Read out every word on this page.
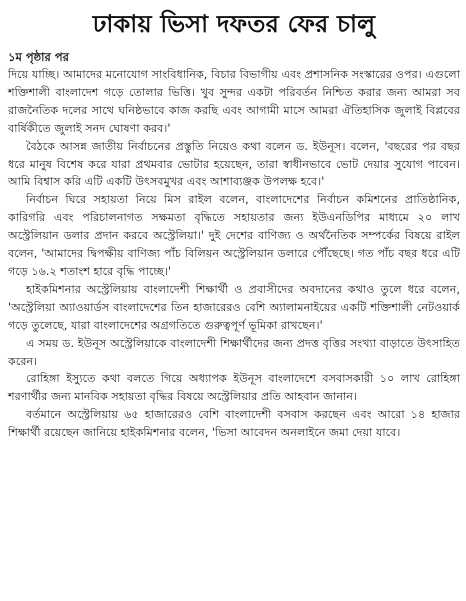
ঢাকায় ভিসা দফতর ফের চালু
১ম পৃষ্ঠার পর

দিয়ে যাচ্ছি। আমাদের মনোযোগ সাংবিধানিক, বিচার বিভাগীয় এবং প্রশাসনিক সংস্কারের ওপর। এগুলো শক্তিশালী বাংলাদেশ গড়ে তোলার ভিত্তি। খুব সুন্দর একটা পরিবর্তন নিশ্চিত করার জন্য আমরা সব রাজনৈতিক দলের সাথে ঘনিষ্ঠভাবে কাজ করছি এবং আগামী মাসে আমরা ঐতিহাসিক জুলাই বিপ্লবের বার্ষিকীতে জুলাই সনদ ঘোষণা করব।'

বৈঠকে আসন্ন জাতীয় নির্বাচনের প্রস্তুতি নিয়েও কথা বলেন ড. ইউনূস। বলেন, 'বছরের পর বছর ধরে মানুষ বিশেষ করে যারা প্রথমবার ভোটার হয়েছেন, তারা স্বাধীনভাবে ভোট দেয়ার সুযোগ পাবেন। আমি বিশ্বাস করি এটি একটি উৎসবমুখর এবং আশাব্যঞ্জক উপলক্ষ হবে।'

নির্বাচন ঘিরে সহায়তা নিয়ে মিস রাইল বলেন, বাংলাদেশের নির্বাচন কমিশনের প্রাতিষ্ঠানিক, কারিগরি এবং পরিচালনাগত সক্ষমতা বৃদ্ধিতে সহায়তার জন্য ইউএনডিপির মাধ্যমে ২০ লাখ অস্ট্রেলিয়ান ডলার প্রদান করবে অস্ট্রেলিয়া।' দুই দেশের বাণিজ্য ও অর্থনৈতিক সম্পর্কের বিষয়ে রাইল বলেন, 'আমাদের দ্বিপক্ষীয় বাণিজ্য পাঁচ বিলিয়ন অস্ট্রেলিয়ান ডলারে পৌঁছেছে। গত পাঁচ বছর ধরে এটি গড়ে ১৬.২ শতাংশ হারে বৃদ্ধি পাচ্ছে।'

হাইকমিশনার অস্ট্রেলিয়ায় বাংলাদেশী শিক্ষার্থী ও প্রবাসীদের অবদানের কথাও তুলে ধরে বলেন, 'অস্ট্রেলিয়া অ্যাওয়ার্ডস বাংলাদেশের তিন হাজারেরও বেশি অ্যালামনাইয়ের একটি শক্তিশালী নেটওয়ার্ক গড়ে তুলেছে, যারা বাংলাদেশের অগ্রগতিতে গুরুত্বপূর্ণ ভূমিকা রাখছেন।'

এ সময় ড. ইউনূস অস্ট্রেলিয়াকে বাংলাদেশী শিক্ষার্থীদের জন্য প্রদত্ত বৃত্তির সংখ্যা বাড়াতে উৎসাহিত করেন।

রোহিঙ্গা ইস্যুতে কথা বলতে গিয়ে অধ্যাপক ইউনূস বাংলাদেশে বসবাসকারী ১০ লাখ রোহিঙ্গা শরণার্থীর জন্য মানবিক সহায়তা বৃদ্ধির বিষয়ে অস্ট্রেলিয়ার প্রতি আহবান জানান।

বর্তমানে অস্ট্রেলিয়ায় ৬৫ হাজারেরও বেশি বাংলাদেশী বসবাস করছেন এবং আরো ১৪ হাজার শিক্ষার্থী রয়েছেন জানিয়ে হাইকমিশনার বলেন, 'ভিসা আবেদন অনলাইনে জমা দেয়া যাবে।
